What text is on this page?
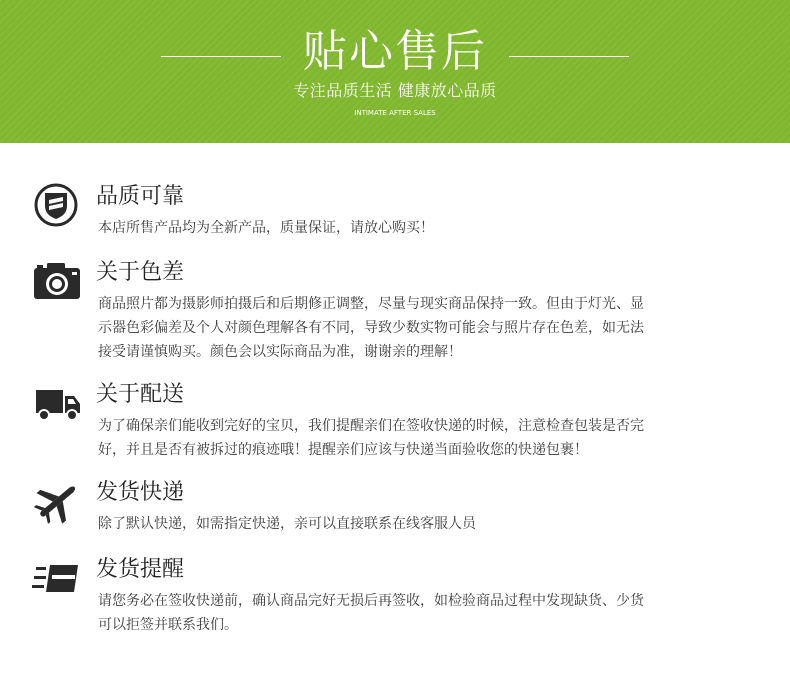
贴心售后
专注品质生活 健康放心品质
INTIMATE AFTER SALES
品质可靠
本店所售产品均为全新产品，质量保证，请放心购买！
关于色差
商品照片都为摄影师拍摄后和后期修正调整，尽量与现实商品保持一致。但由于灯光、显
示器色彩偏差及个人对颜色理解各有不同，导致少数实物可能会与照片存在色差，如无法
接受请谨慎购买。颜色会以实际商品为准，谢谢亲的理解！
关于配送
为了确保亲们能收到完好的宝贝，我们提醒亲们在签收快递的时候，注意检查包装是否完
好，并且是否有被拆过的痕迹哦！提醒亲们应该与快递当面验收您的快递包裹！
发货快递
除了默认快递，如需指定快递，亲可以直接联系在线客服人员
发货提醒
请您务必在签收快递前，确认商品完好无损后再签收，如检验商品过程中发现缺货、少货
可以拒签并联系我们。
